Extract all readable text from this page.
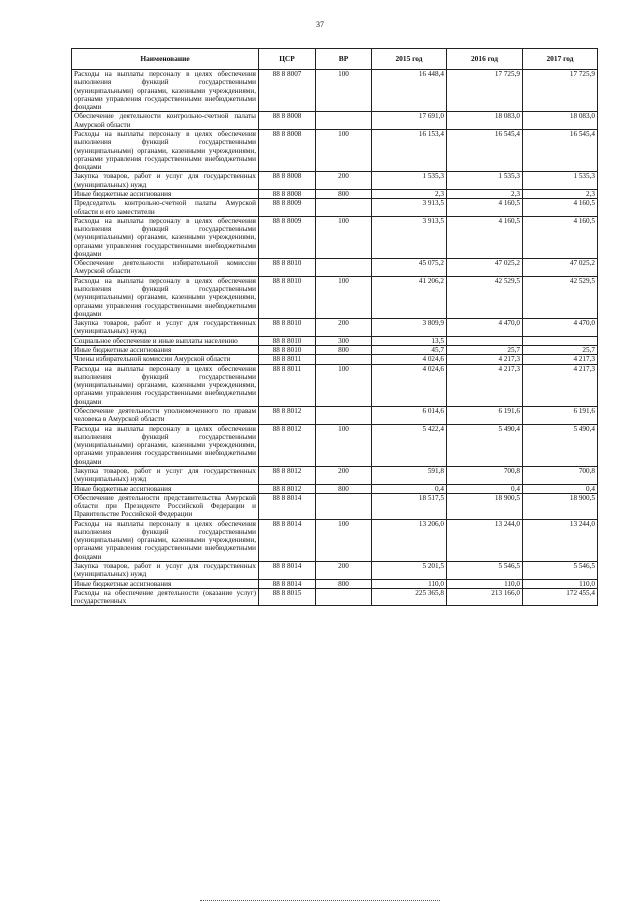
37
Наименование	ЦСР	ВР	2015 год	2016 год	2017 год
Расходы на выплаты персоналу в целях обеспечения выполнения функций государственными (муниципальными) органами, казенными учреждениями, органами управления государственными внебюджетными фондами	88 8 8007	100	16 448,4	17 725,9	17 725,9
Обеспечение деятельности контрольно-счетной палаты Амурской области	88 8 8008		17 691,0	18 083,0	18 083,0
Расходы на выплаты персоналу в целях обеспечения выполнения функций государственными (муниципальными) органами, казенными учреждениями, органами управления государственными внебюджетными фондами	88 8 8008	100	16 153,4	16 545,4	16 545,4
Закупка товаров, работ и услуг для государственных (муниципальных) нужд	88 8 8008	200	1 535,3	1 535,3	1 535,3
Иные бюджетные ассигнования	88 8 8008	800	2,3	2,3	2,3
Председатель контрольно-счетной палаты Амурской области и его заместители	88 8 8009		3 913,5	4 160,5	4 160,5
Расходы на выплаты персоналу в целях обеспечения выполнения функций государственными (муниципальными) органами, казенными учреждениями, органами управления государственными внебюджетными фондами	88 8 8009	100	3 913,5	4 160,5	4 160,5
Обеспечение деятельности избирательной комиссии Амурской области	88 8 8010		45 075,2	47 025,2	47 025,2
Расходы на выплаты персоналу в целях обеспечения выполнения функций государственными (муниципальными) органами, казенными учреждениями, органами управления государственными внебюджетными фондами	88 8 8010	100	41 206,2	42 529,5	42 529,5
Закупка товаров, работ и услуг для государственных (муниципальных) нужд	88 8 8010	200	3 809,9	4 470,0	4 470,0
Социальное обеспечение и иные выплаты населению	88 8 8010	300	13,5		
Иные бюджетные ассигнования	88 8 8010	800	45,7	25,7	25,7
Члены избирательной комиссии Амурской области	88 8 8011		4 024,6	4 217,3	4 217,3
Расходы на выплаты персоналу в целях обеспечения выполнения функций государственными (муниципальными) органами, казенными учреждениями, органами управления государственными внебюджетными фондами	88 8 8011	100	4 024,6	4 217,3	4 217,3
Обеспечение деятельности уполномоченного по правам человека в Амурской области	88 8 8012		6 014,6	6 191,6	6 191,6
Расходы на выплаты персоналу в целях обеспечения выполнения функций государственными (муниципальными) органами, казенными учреждениями, органами управления государственными внебюджетными фондами	88 8 8012	100	5 422,4	5 490,4	5 490,4
Закупка товаров, работ и услуг для государственных (муниципальных) нужд	88 8 8012	200	591,8	700,8	700,8
Иные бюджетные ассигнования	88 8 8012	800	0,4	0,4	0,4
Обеспечение деятельности представительства Амурской области при Президенте Российской Федерации и Правительстве Российской Федерации	88 8 8014		18 517,5	18 900,5	18 900,5
Расходы на выплаты персоналу в целях обеспечения выполнения функций государственными (муниципальными) органами, казенными учреждениями, органами управления государственными внебюджетными фондами	88 8 8014	100	13 206,0	13 244,0	13 244,0
Закупка товаров, работ и услуг для государственных (муниципальных) нужд	88 8 8014	200	5 201,5	5 546,5	5 546,5
Иные бюджетные ассигнования	88 8 8014	800	110,0	110,0	110,0
Расходы на обеспечение деятельности (оказание услуг) государственных	88 8 8015		225 365,8	213 166,0	172 455,4
